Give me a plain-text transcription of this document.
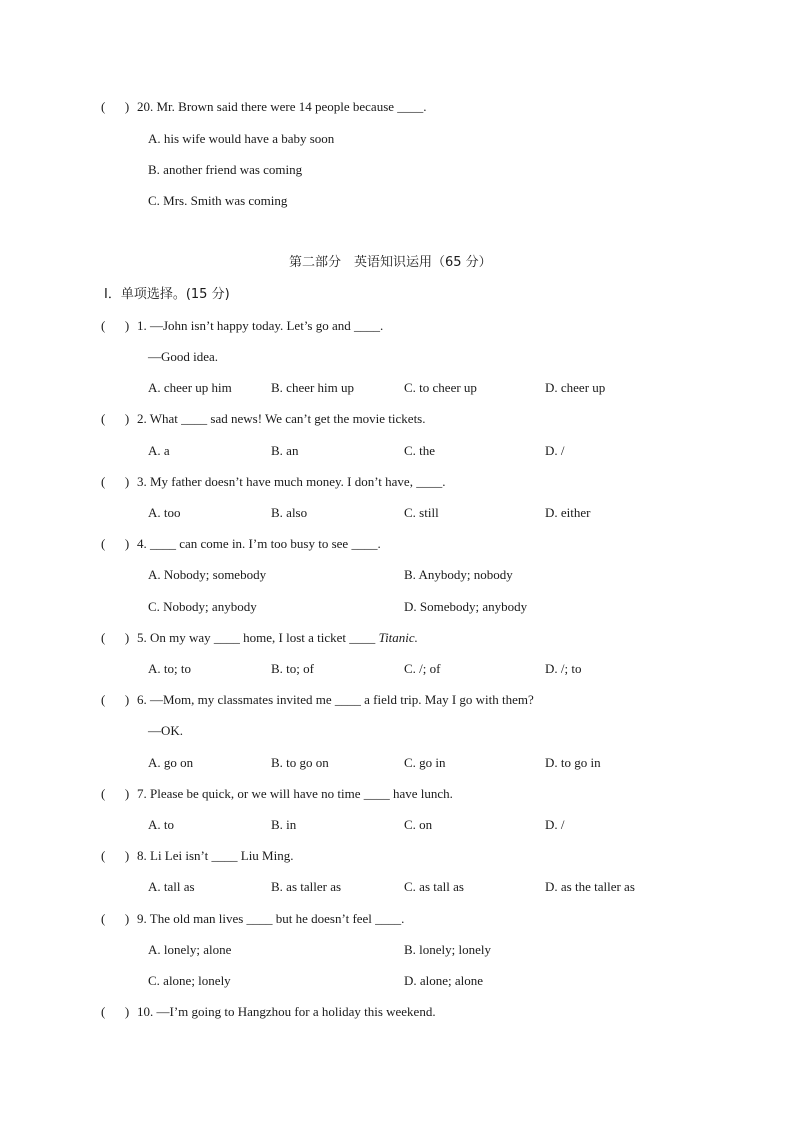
(      ) 20. Mr. Brown said there were 14 people because ____.
A. his wife would have a baby soon
B. another friend was coming
C. Mrs. Smith was coming
第二部分　英语知识运用（65 分）
Ⅰ．单项选择。(15 分)
(      ) 1. —John isn’t happy today. Let’s go and ____.
—Good idea.
A. cheer up him	B. cheer him up	C. to cheer up	D. cheer up
(      ) 2. What ____ sad news! We can’t get the movie tickets.
A. a	B. an	C. the	D. /
(      ) 3. My father doesn’t have much money. I don’t have, ____.
A. too	B. also	C. still	D. either
(      ) 4. ____ can come in. I’m too busy to see ____.
A. Nobody; somebody	B. Anybody; nobody
C. Nobody; anybody	D. Somebody; anybody
(      ) 5. On my way ____ home, I lost a ticket ____ Titanic.
A. to; to	B. to; of	C. /; of	D. /; to
(      ) 6. —Mom, my classmates invited me ____ a field trip. May I go with them?
—OK.
A. go on	B. to go on	C. go in	D. to go in
(      ) 7. Please be quick, or we will have no time ____ have lunch.
A. to	B. in	C. on	D. /
(      ) 8. Li Lei isn’t ____ Liu Ming.
A. tall as	B. as taller as	C. as tall as	D. as the taller as
(      ) 9. The old man lives ____ but he doesn’t feel ____.
A. lonely; alone	B. lonely; lonely
C. alone; lonely	D. alone; alone
(      ) 10. —I’m going to Hangzhou for a holiday this weekend.
